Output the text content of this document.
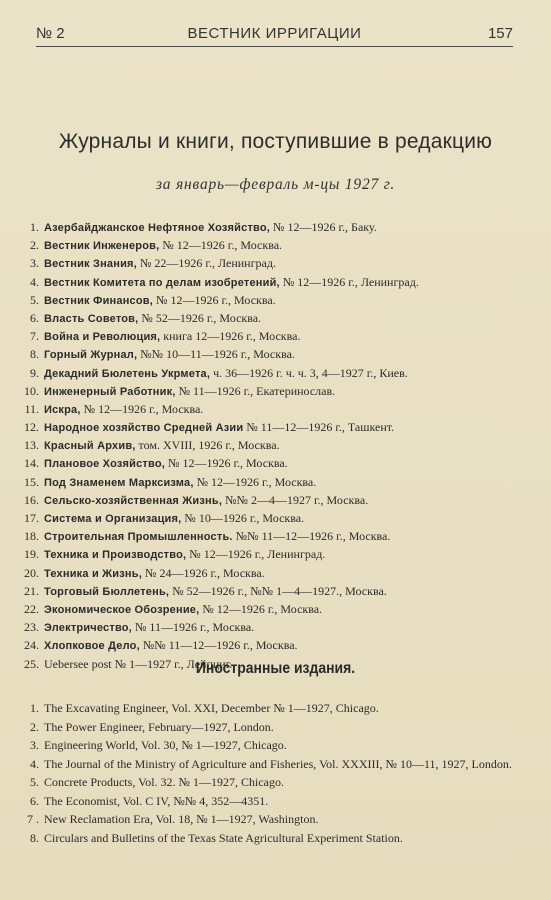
№ 2	ВЕСТНИК ИРРИГАЦИИ	157
Журналы и книги, поступившие в редакцию
за январь—февраль м-цы 1927 г.
1. Азербайджанское Нефтяное Хозяйство, № 12—1926 г., Баку.
2. Вестник Инженеров, № 12—1926 г., Москва.
3. Вестник Знания, № 22—1926 г., Ленинград.
4. Вестник Комитета по делам изобретений, № 12—1926 г., Ленинград.
5. Вестник Финансов, № 12—1926 г., Москва.
6. Власть Советов, № 52—1926 г., Москва.
7. Война и Революция, книга 12—1926 г., Москва.
8. Горный Журнал, №№ 10—11—1926 г., Москва.
9. Декадний Бюлетень Укрмета, ч. 36—1926 г. ч. ч. 3, 4—1927 г., Киев.
10. Инженерный Работник, № 11—1926 г., Екатеринослав.
11. Искра, № 12—1926 г., Москва.
12. Народное хозяйство Средней Азии № 11—12—1926 г., Ташкент.
13. Красный Архив, том. XVIII, 1926 г., Москва.
14. Плановое Хозяйство, № 12—1926 г., Москва.
15. Под Знаменем Марксизма, № 12—1926 г., Москва.
16. Сельско-хозяйственная Жизнь, №№ 2—4—1927 г., Москва.
17. Система и Организация, № 10—1926 г., Москва.
18. Строительная Промышленность. №№ 11—12—1926 г., Москва.
19. Техника и Производство, № 12—1926 г., Ленинград.
20. Техника и Жизнь, № 24—1926 г., Москва.
21. Торговый Бюллетень, № 52—1926 г., №№ 1—4—1927., Москва.
22. Экономическое Обозрение, № 12—1926 г., Москва.
23. Электричество, № 11—1926 г., Москва.
24. Хлопковое Дело, №№ 11—12—1926 г., Москва.
25. Uebersee post № 1—1927 г., Лейпциг.
Иностранные издания.
1. The Excavating Engineer, Vol. XXI, December № 1—1927, Chicago.
2. The Power Engineer, February—1927, London.
3. Engineering World, Vol. 30, № 1—1927, Chicago.
4. The Journal of the Ministry of Agriculture and Fisheries, Vol. XXXIII, № 10—11, 1927, London.
5. Concrete Products, Vol. 32. № 1—1927, Chicago.
6. The Economist, Vol. C IV, №№ 4, 352—4351.
7 . New Reclamation Era, Vol. 18, № 1—1927, Washington.
8. Circulars and Bulletins of the Texas State Agricultural Experiment Station.
